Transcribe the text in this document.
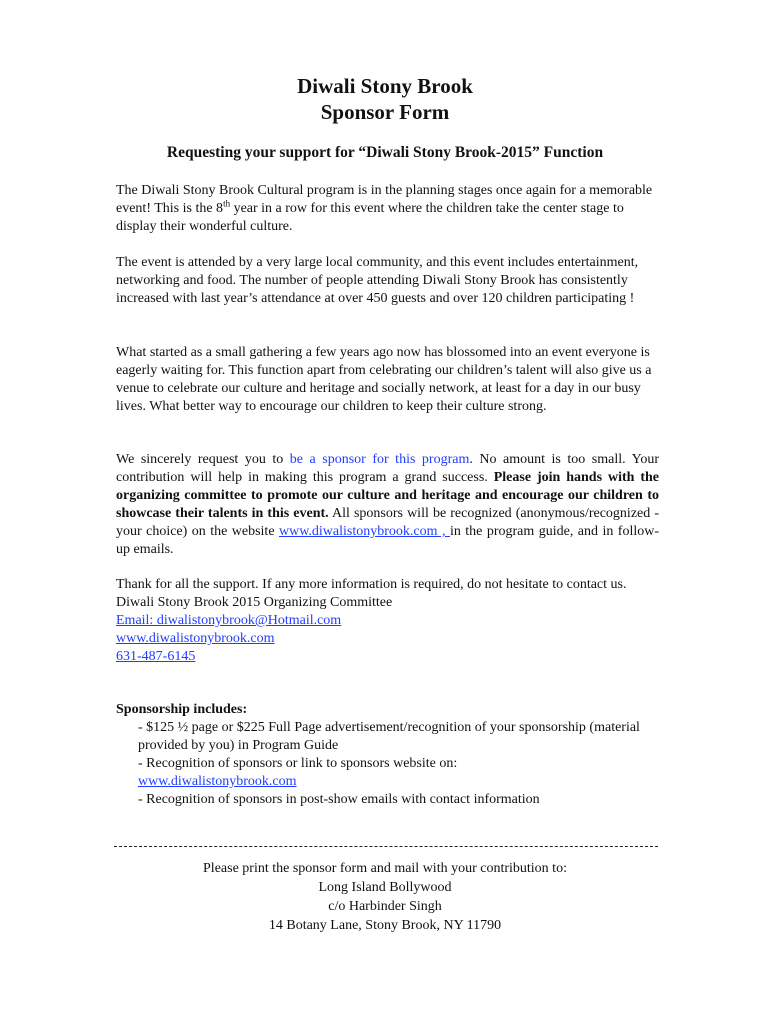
Diwali Stony Brook
Sponsor Form
Requesting your support for “Diwali Stony Brook-2015” Function

The Diwali Stony Brook Cultural program is in the planning stages once again for a memorable event! This is the 8th year in a row for this event where the children take the center stage to display their wonderful culture.

The event is attended by a very large local community, and this event includes entertainment, networking and food. The number of people attending Diwali Stony Brook has consistently increased with last year’s attendance at over 450 guests and over 120 children participating !

What started as a small gathering a few years ago now has blossomed into an event everyone is eagerly waiting for. This function apart from celebrating our children’s talent will also give us a venue to celebrate our culture and heritage and socially network, at least for a day in our busy lives. What better way to encourage our children to keep their culture strong.

We sincerely request you to be a sponsor for this program. No amount is too small. Your contribution will help in making this program a grand success. Please join hands with the organizing committee to promote our culture and heritage and encourage our children to showcase their talents in this event. All sponsors will be recognized (anonymous/recognized - your choice) on the website www.diwalistonybrook.com , in the program guide, and in follow-up emails.

Thank for all the support. If any more information is required, do not hesitate to contact us.
Diwali Stony Brook 2015 Organizing Committee
Email: diwalistonybrook@Hotmail.com
www.diwalistonybrook.com
631-487-6145
Sponsorship includes:
- $125 ½ page or $225 Full Page advertisement/recognition of your sponsorship (material provided by you) in Program Guide
- Recognition of sponsors or link to sponsors website on:
www.diwalistonybrook.com
- Recognition of sponsors in post-show emails with contact information
Please print the sponsor form and mail with your contribution to:
Long Island Bollywood
c/o Harbinder Singh
14 Botany Lane, Stony Brook, NY 11790
